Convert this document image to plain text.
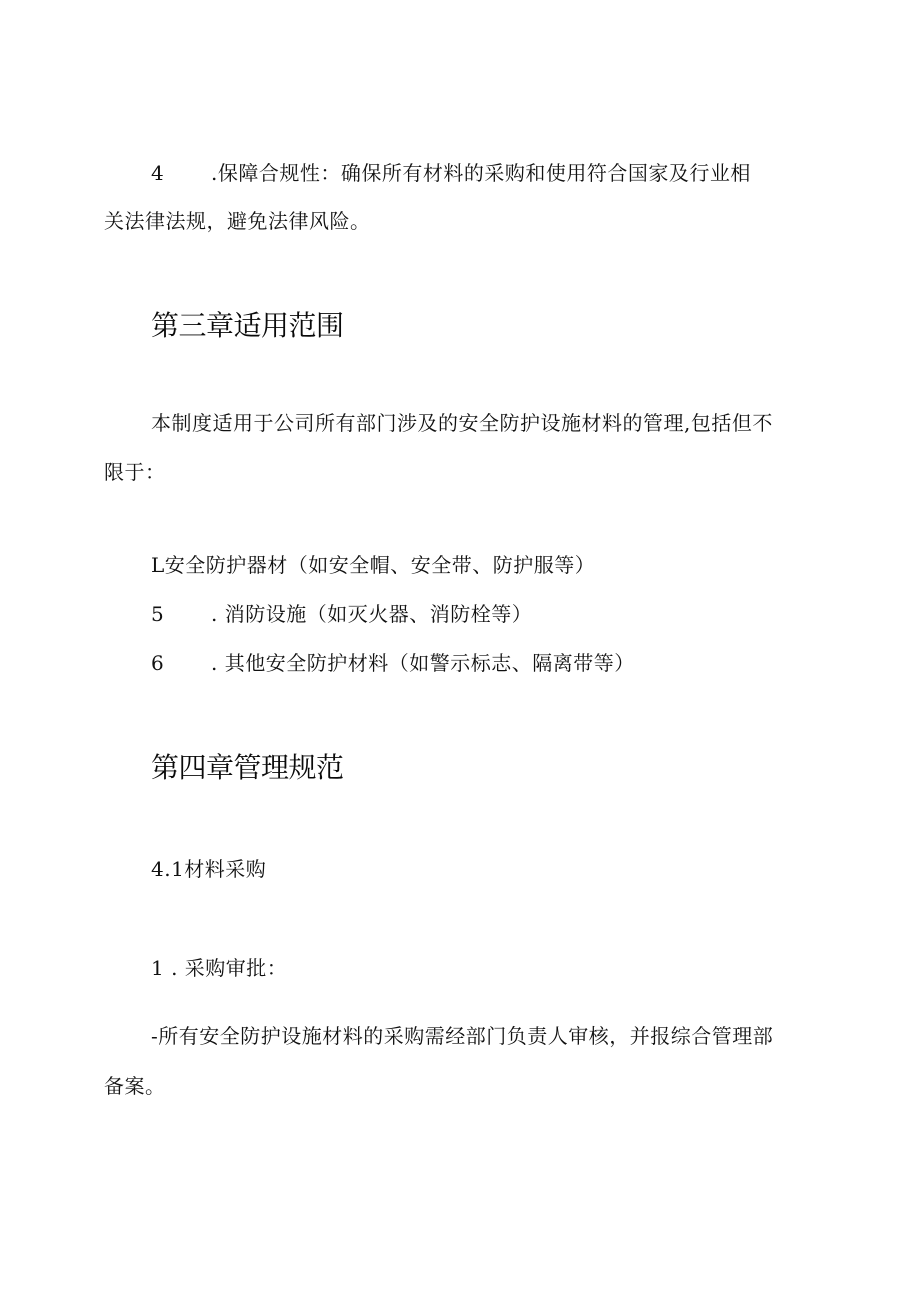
4 .保障合规性：确保所有材料的采购和使用符合国家及行业相
关法律法规，避免法律风险。
第三章适用范围
本制度适用于公司所有部门涉及的安全防护设施材料的管理,包括但不
限于：
L安全防护器材（如安全帽、安全带、防护服等）
5 . 消防设施（如灭火器、消防栓等）
6 . 其他安全防护材料（如警示标志、隔离带等）
第四章管理规范
4.1材料采购
1 . 采购审批：
-所有安全防护设施材料的采购需经部门负责人审核，并报综合管理部
备案。
